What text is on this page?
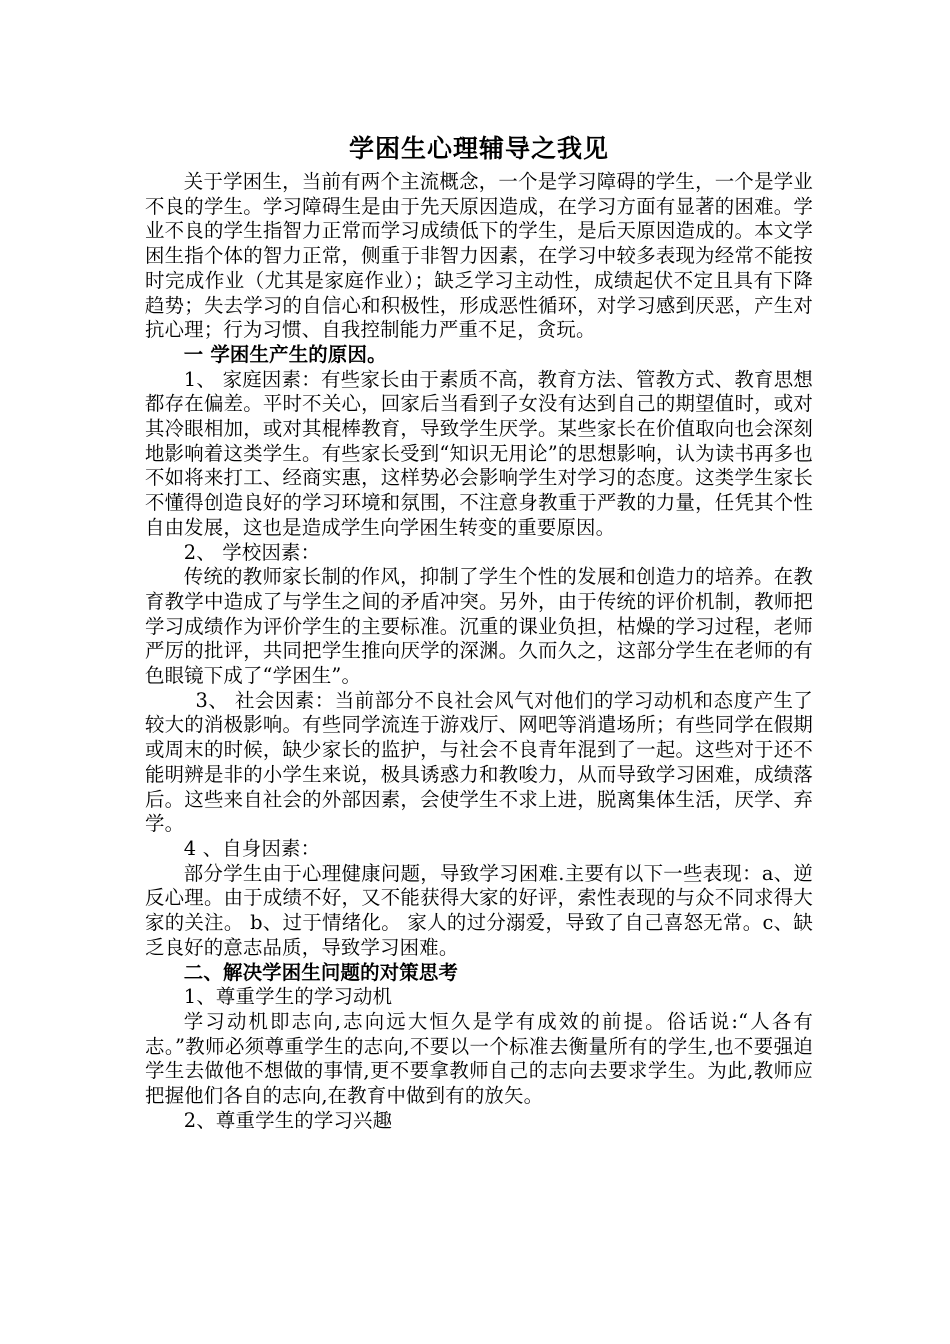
学困生心理辅导之我见

关于学困生，当前有两个主流概念，一个是学习障碍的学生，一个是学业不良的学生。学习障碍生是由于先天原因造成，在学习方面有显著的困难。学业不良的学生指智力正常而学习成绩低下的学生，是后天原因造成的。本文学困生指个体的智力正常，侧重于非智力因素，在学习中较多表现为经常不能按时完成作业（尤其是家庭作业）；缺乏学习主动性，成绩起伏不定且具有下降趋势；失去学习的自信心和积极性，形成恶性循环，对学习感到厌恶，产生对抗心理；行为习惯、自我控制能力严重不足，贪玩。

一 学困生产生的原因。

1、 家庭因素：有些家长由于素质不高，教育方法、管教方式、教育思想都存在偏差。平时不关心，回家后当看到子女没有达到自己的期望值时，或对其冷眼相加，或对其棍棒教育，导致学生厌学。某些家长在价值取向也会深刻地影响着这类学生。有些家长受到“知识无用论”的思想影响，认为读书再多也不如将来打工、经商实惠，这样势必会影响学生对学习的态度。这类学生家长不懂得创造良好的学习环境和氛围，不注意身教重于严教的力量，任凭其个性自由发展，这也是造成学生向学困生转变的重要原因。

2、 学校因素：

传统的教师家长制的作风，抑制了学生个性的发展和创造力的培养。在教育教学中造成了与学生之间的矛盾冲突。另外，由于传统的评价机制，教师把学习成绩作为评价学生的主要标准。沉重的课业负担，枯燥的学习过程，老师严厉的批评，共同把学生推向厌学的深渊。久而久之，这部分学生在老师的有色眼镜下成了“学困生”。

3、 社会因素：当前部分不良社会风气对他们的学习动机和态度产生了较大的消极影响。有些同学流连于游戏厅、网吧等消遣场所；有些同学在假期或周末的时候，缺少家长的监护，与社会不良青年混到了一起。这些对于还不能明辨是非的小学生来说，极具诱惑力和教唆力，从而导致学习困难，成绩落后。这些来自社会的外部因素，会使学生不求上进，脱离集体生活，厌学、弃学。

4 、自身因素：

部分学生由于心理健康问题，导致学习困难.主要有以下一些表现：a、逆反心理。由于成绩不好，又不能获得大家的好评，索性表现的与众不同求得大家的关注。 b、过于情绪化。 家人的过分溺爱，导致了自己喜怒无常。c、缺乏良好的意志品质，导致学习困难。

二、解决学困生问题的对策思考
1、尊重学生的学习动机

学习动机即志向,志向远大恒久是学有成效的前提。俗话说:“人各有志。”教师必须尊重学生的志向,不要以一个标准去衡量所有的学生,也不要强迫学生去做他不想做的事情,更不要拿教师自己的志向去要求学生。为此,教师应把握他们各自的志向,在教育中做到有的放矢。

2、尊重学生的学习兴趣
